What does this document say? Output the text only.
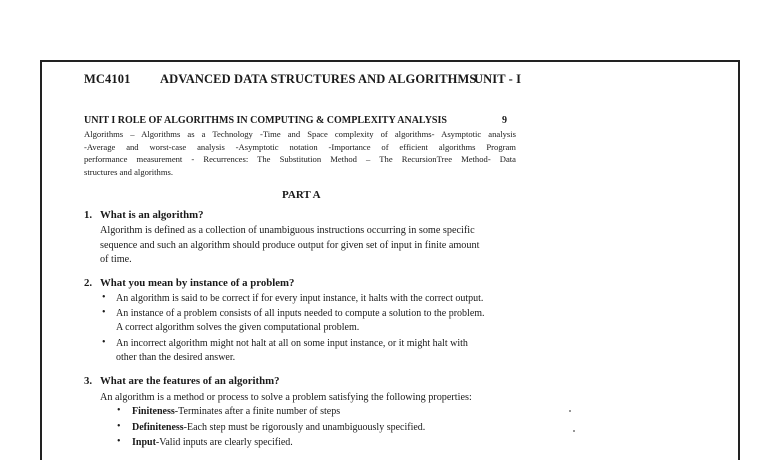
MC4101 ADVANCED DATA STRUCTURES AND ALGORITHMS
UNIT - I
UNIT I ROLE OF ALGORITHMS IN COMPUTING & COMPLEXITY ANALYSIS	9
Algorithms – Algorithms as a Technology -Time and Space complexity of algorithms- Asymptotic analysis
-Average and worst-case analysis -Asymptotic notation -Importance of efficient algorithms Program
performance measurement - Recurrences: The Substitution Method – The RecursionTree Method- Data
structures and algorithms.
PART A
1. What is an algorithm?
Algorithm is defined as a collection of unambiguous instructions occurring in some specific
sequence and such an algorithm should produce output for given set of input in finite amount
of time.
2. What you mean by instance of a problem?
• An algorithm is said to be correct if for every input instance, it halts with the correct output.
• An instance of a problem consists of all inputs needed to compute a solution to the problem.
A correct algorithm solves the given computational problem.
• An incorrect algorithm might not halt at all on some input instance, or it might halt with
other than the desired answer.
3. What are the features of an algorithm?
An algorithm is a method or process to solve a problem satisfying the following properties:
• Finiteness-Terminates after a finite number of steps
• Definiteness-Each step must be rigorously and unambiguously specified.
• Input-Valid inputs are clearly specified.
